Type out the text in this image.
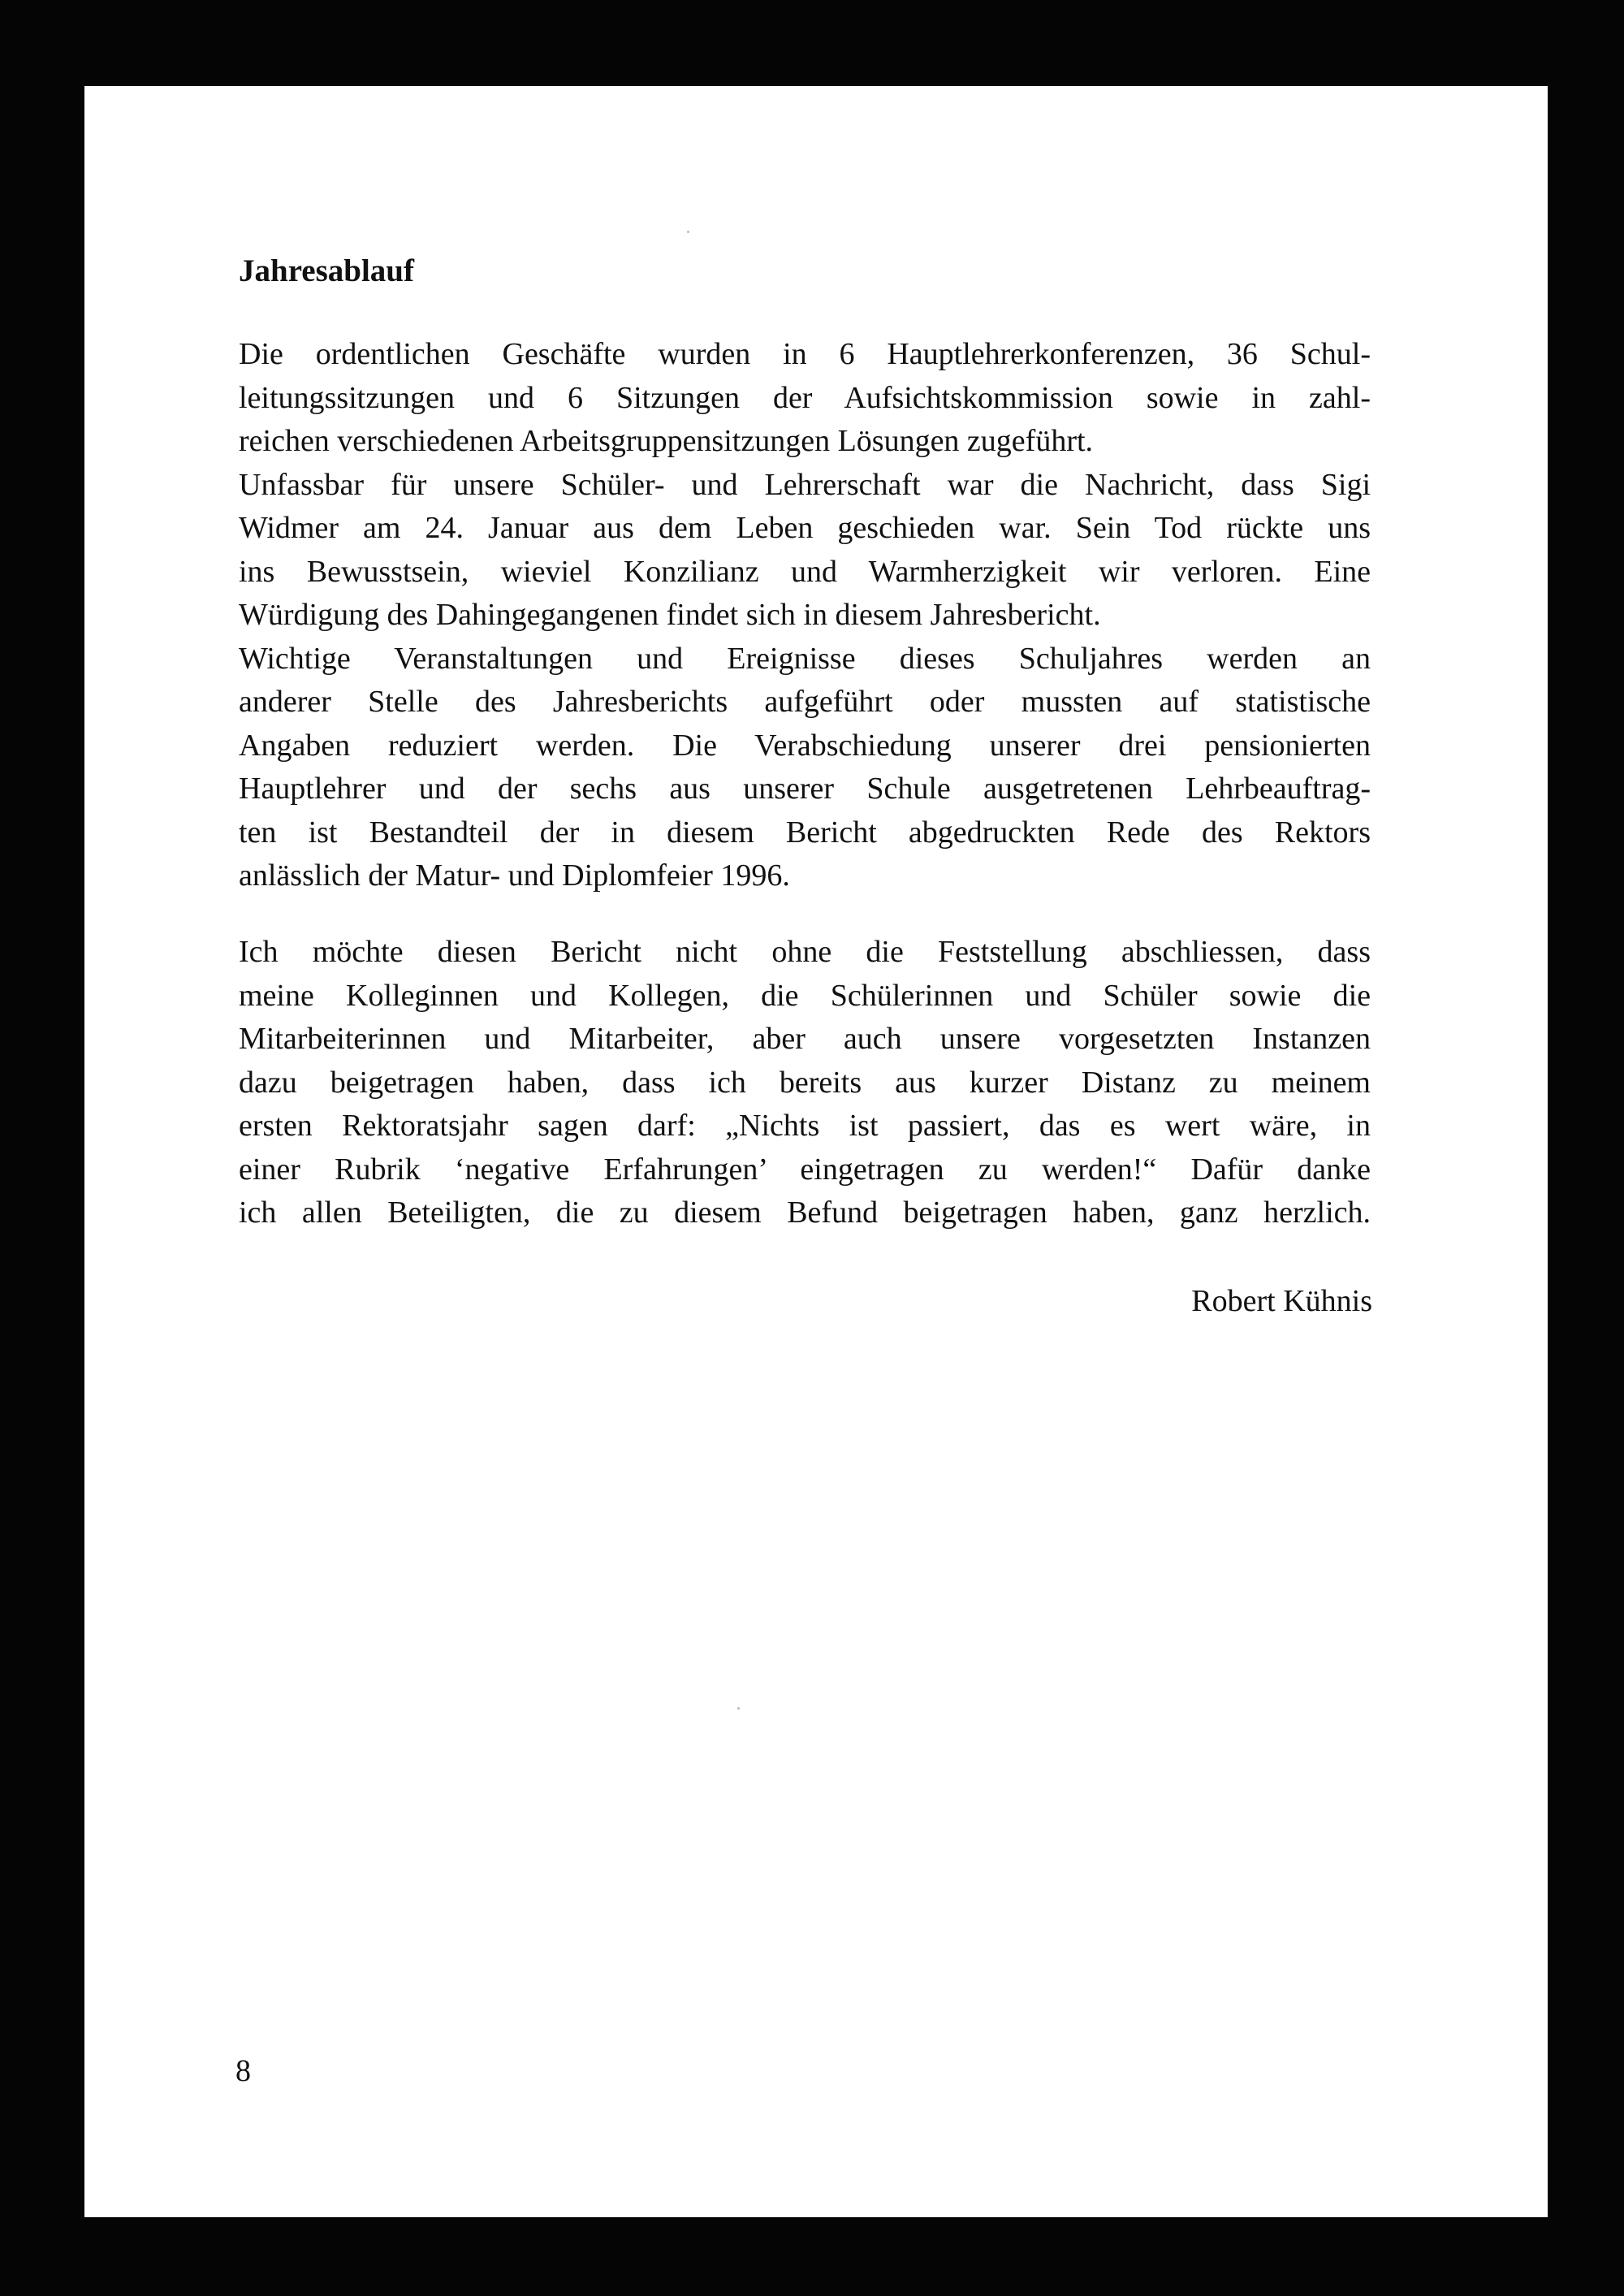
Jahresablauf

Die ordentlichen Geschäfte wurden in 6 Hauptlehrerkonferenzen, 36 Schul-
leitungssitzungen und 6 Sitzungen der Aufsichtskommission sowie in zahl-
reichen verschiedenen Arbeitsgruppensitzungen Lösungen zugeführt.
Unfassbar für unsere Schüler- und Lehrerschaft war die Nachricht, dass Sigi
Widmer am 24. Januar aus dem Leben geschieden war. Sein Tod rückte uns
ins Bewusstsein, wieviel Konzilianz und Warmherzigkeit wir verloren. Eine
Würdigung des Dahingegangenen findet sich in diesem Jahresbericht.
Wichtige Veranstaltungen und Ereignisse dieses Schuljahres werden an
anderer Stelle des Jahresberichts aufgeführt oder mussten auf statistische
Angaben reduziert werden. Die Verabschiedung unserer drei pensionierten
Hauptlehrer und der sechs aus unserer Schule ausgetretenen Lehrbeauftrag-
ten ist Bestandteil der in diesem Bericht abgedruckten Rede des Rektors
anlässlich der Matur- und Diplomfeier 1996.

Ich möchte diesen Bericht nicht ohne die Feststellung abschliessen, dass
meine Kolleginnen und Kollegen, die Schülerinnen und Schüler sowie die
Mitarbeiterinnen und Mitarbeiter, aber auch unsere vorgesetzten Instanzen
dazu beigetragen haben, dass ich bereits aus kurzer Distanz zu meinem
ersten Rektoratsjahr sagen darf: „Nichts ist passiert, das es wert wäre, in
einer Rubrik ‘negative Erfahrungen’ eingetragen zu werden!“ Dafür danke
ich allen Beteiligten, die zu diesem Befund beigetragen haben, ganz herzlich.

Robert Kühnis

8
